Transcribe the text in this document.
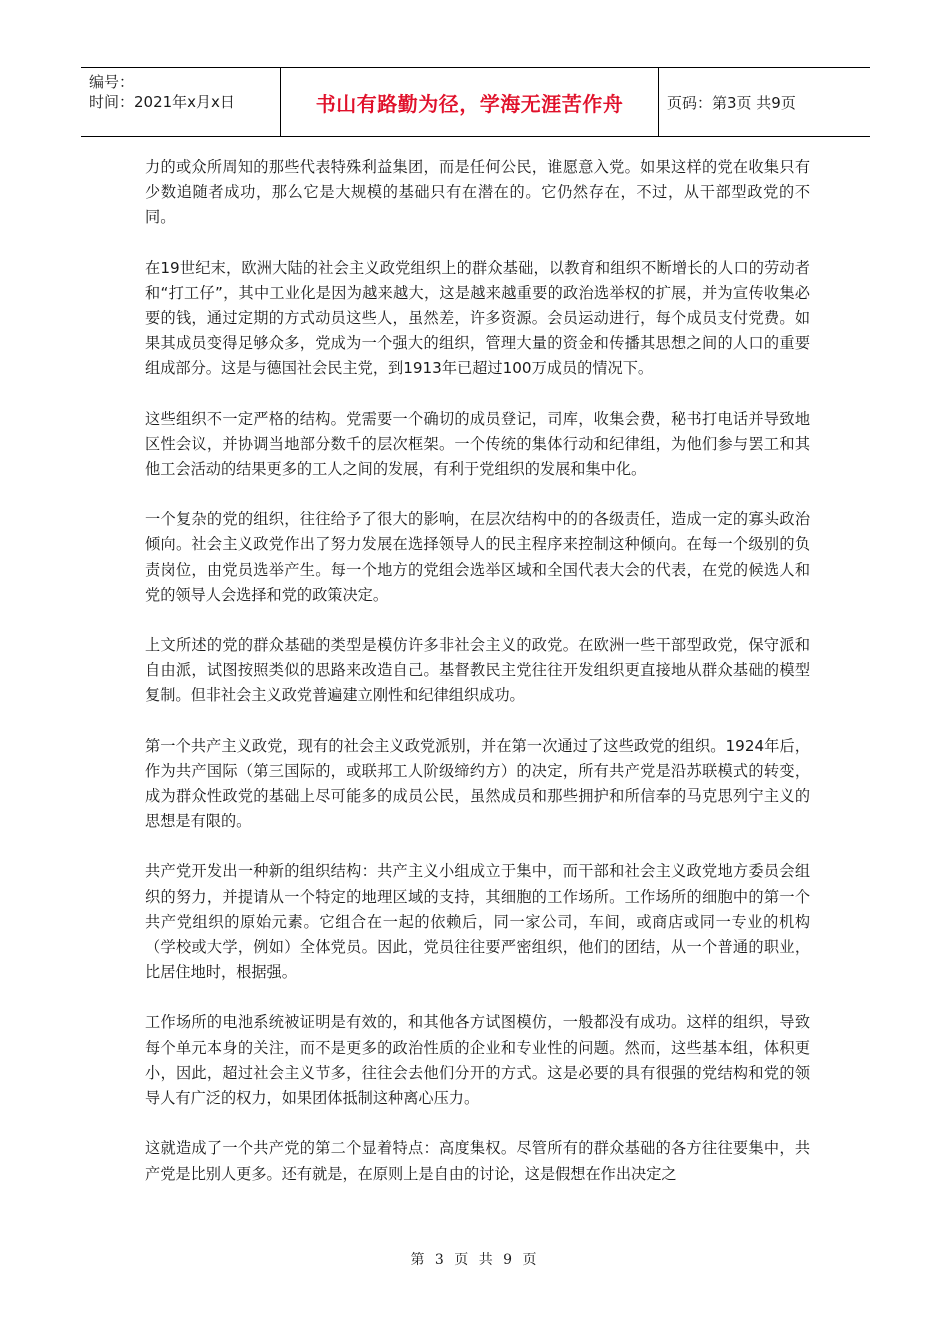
编号：
时间：2021年x月x日	书山有路勤为径，学海无涯苦作舟	页码：第3页 共9页

力的或众所周知的那些代表特殊利益集团，而是任何公民，谁愿意入党。如果这样的党在收集只有少数追随者成功，那么它是大规模的基础只有在潜在的。它仍然存在，不过，从干部型政党的不同。

在19世纪末，欧洲大陆的社会主义政党组织上的群众基础，以教育和组织不断增长的人口的劳动者和“打工仔”，其中工业化是因为越来越大，这是越来越重要的政治选举权的扩展，并为宣传收集必要的钱，通过定期的方式动员这些人，虽然差，许多资源。会员运动进行，每个成员支付党费。如果其成员变得足够众多，党成为一个强大的组织，管理大量的资金和传播其思想之间的人口的重要组成部分。这是与德国社会民主党，到1913年已超过100万成员的情况下。

这些组织不一定严格的结构。党需要一个确切的成员登记，司库，收集会费，秘书打电话并导致地区性会议，并协调当地部分数千的层次框架。一个传统的集体行动和纪律组，为他们参与罢工和其他工会活动的结果更多的工人之间的发展，有利于党组织的发展和集中化。

一个复杂的党的组织，往往给予了很大的影响，在层次结构中的的各级责任，造成一定的寡头政治倾向。社会主义政党作出了努力发展在选择领导人的民主程序来控制这种倾向。在每一个级别的负责岗位，由党员选举产生。每一个地方的党组会选举区域和全国代表大会的代表，在党的候选人和党的领导人会选择和党的政策决定。

上文所述的党的群众基础的类型是模仿许多非社会主义的政党。在欧洲一些干部型政党，保守派和自由派，试图按照类似的思路来改造自己。基督教民主党往往开发组织更直接地从群众基础的模型复制。但非社会主义政党普遍建立刚性和纪律组织成功。

第一个共产主义政党，现有的社会主义政党派别，并在第一次通过了这些政党的组织。1924年后，作为共产国际（第三国际的，或联邦工人阶级缔约方）的决定，所有共产党是沿苏联模式的转变，成为群众性政党的基础上尽可能多的成员公民，虽然成员和那些拥护和所信奉的马克思列宁主义的思想是有限的。

共产党开发出一种新的组织结构：共产主义小组成立于集中，而干部和社会主义政党地方委员会组织的努力，并提请从一个特定的地理区域的支持，其细胞的工作场所。工作场所的细胞中的第一个共产党组织的原始元素。它组合在一起的依赖后，同一家公司，车间，或商店或同一专业的机构（学校或大学，例如）全体党员。因此，党员往往要严密组织，他们的团结，从一个普通的职业，比居住地时，根据强。

工作场所的电池系统被证明是有效的，和其他各方试图模仿，一般都没有成功。这样的组织，导致每个单元本身的关注，而不是更多的政治性质的企业和专业性的问题。然而，这些基本组，体积更小，因此，超过社会主义节多，往往会去他们分开的方式。这是必要的具有很强的党结构和党的领导人有广泛的权力，如果团体抵制这种离心压力。

这就造成了一个共产党的第二个显着特点：高度集权。尽管所有的群众基础的各方往往要集中，共产党是比别人更多。还有就是，在原则上是自由的讨论，这是假想在作出决定之

第 3 页 共 9 页
